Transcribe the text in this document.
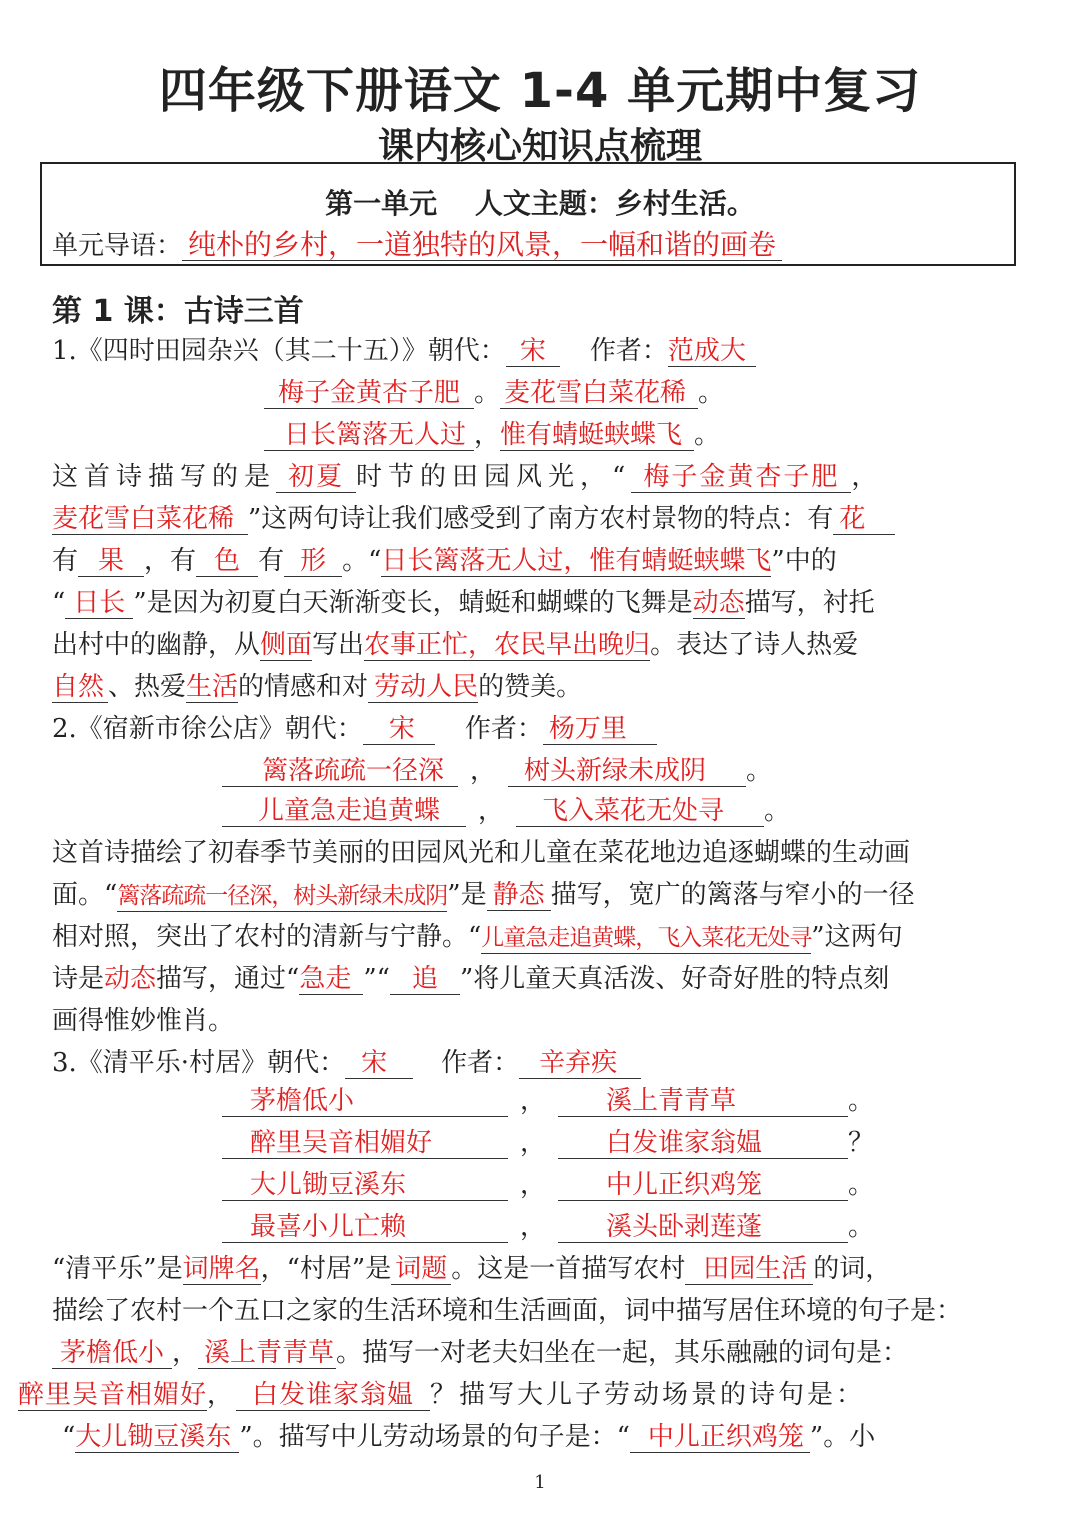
四年级下册语文 1-4 单元期中复习
课内核心知识点梳理
第一单元　 人文主题：乡村生活。
单元导语： 纯朴的乡村，一道独特的风景，一幅和谐的画卷
第 1 课：古诗三首
1.《四时田园杂兴（其二十五）》朝代： 宋 作者：范成大
梅子金黄杏子肥 。 麦花雪白菜花稀 。
日长篱落无人过 ，惟有蜻蜓蛱蝶飞 。
这首诗描写的是 初夏 时节的田园风光，“ 梅子金黄杏子肥 ，
麦花雪白菜花稀 ”这两句诗让我们感受到了南方农村景物的特点：有 花
有 果 ，有 色 有 形 。“日长篱落无人过，惟有蜻蜓蛱蝶飞”中的
“ 日长 ”是因为初夏白天渐渐变长，蜻蜓和蝴蝶的飞舞是动态描写，衬托
出村中的幽静，从侧面写出农事正忙，农民早出晚归。表达了诗人热爱
自然 、热爱生活的情感和对 劳动人民的赞美。
2.《宿新市徐公店》朝代： 宋 作者： 杨万里
篱落疏疏一径深 ， 树头新绿未成阴 。
儿童急走追黄蝶 ， 飞入菜花无处寻 。
这首诗描绘了初春季节美丽的田园风光和儿童在菜花地边追逐蝴蝶的生动画
面。“篱落疏疏一径深，树头新绿未成阴”是 静态 描写，宽广的篱落与窄小的一径
相对照，突出了农村的清新与宁静。“儿童急走追黄蝶，飞入菜花无处寻”这两句
诗是动态描写，通过“急走 ”“ 追 ”将儿童天真活泼、好奇好胜的特点刻
画得惟妙惟肖。
3.《清平乐·村居》朝代： 宋 作者： 辛弃疾
茅檐低小	， 溪上青青草	。
醉里吴音相媚好	， 白发谁家翁媪	？
大儿锄豆溪东	， 中儿正织鸡笼	。
最喜小儿亡赖	， 溪头卧剥莲蓬	。
“清平乐”是词牌名，“村居”是 词题 。这是一首描写农村 田园生活 的词，
描绘了农村一个五口之家的生活环境和生活画面，词中描写居住环境的句子是：
茅檐低小 ， 溪上青青草。描写一对老夫妇坐在一起，其乐融融的词句是：
醉里吴音相媚好， 白发谁家翁媪 ？描写大儿子劳动场景的诗句是：
“大儿锄豆溪东 ”。描写中儿劳动场景的句子是：“ 中儿正织鸡笼 ”。小
1
